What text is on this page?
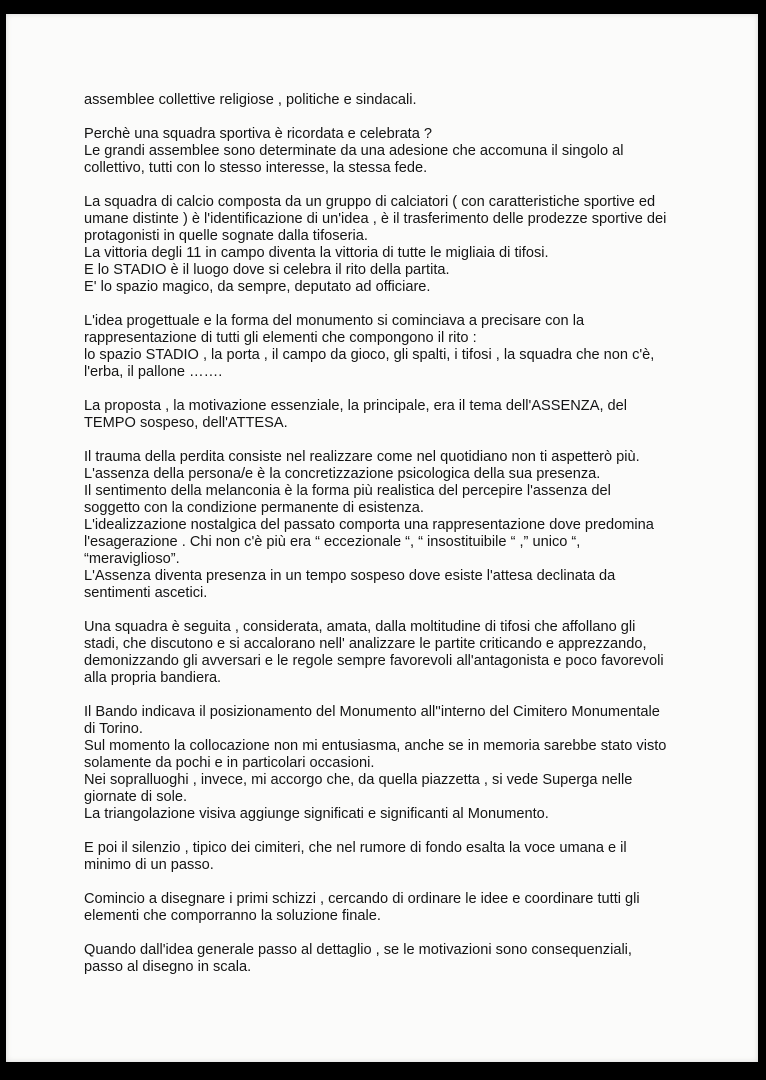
assemblee collettive religiose , politiche e sindacali.
Perchè una squadra sportiva è ricordata e celebrata ?
Le grandi assemblee sono determinate da una adesione che accomuna il singolo al
collettivo, tutti con lo stesso interesse, la stessa fede.
La squadra di calcio composta da un gruppo di calciatori ( con caratteristiche sportive ed
umane distinte ) è l'identificazione di un'idea , è il trasferimento delle prodezze sportive dei
protagonisti in quelle sognate dalla tifoseria.
La vittoria degli 11 in campo diventa la vittoria di tutte le migliaia di tifosi.
E lo STADIO è il luogo dove si celebra il rito della partita.
E' lo spazio magico, da sempre, deputato ad officiare.
L'idea progettuale e la forma del monumento si cominciava a precisare con la
rappresentazione di tutti gli elementi che compongono il rito :
lo spazio STADIO , la porta , il campo da gioco, gli spalti, i tifosi , la squadra che non c'è,
l'erba, il pallone …….
La proposta , la motivazione essenziale, la principale, era il tema dell'ASSENZA, del
TEMPO sospeso, dell'ATTESA.
Il trauma della perdita consiste nel realizzare come nel quotidiano non ti aspetterò più.
L'assenza della persona/e è la concretizzazione psicologica della sua presenza.
Il sentimento della melanconia è la forma più realistica del percepire l'assenza del
soggetto con la condizione permanente di esistenza.
L'idealizzazione nostalgica del passato comporta una rappresentazione dove predomina
l'esagerazione . Chi non c'è più era “ eccezionale “, “ insostituibile “ ,” unico “,
“meraviglioso”.
L'Assenza diventa presenza in un tempo sospeso dove esiste l'attesa declinata da
sentimenti ascetici.
Una squadra è seguita , considerata, amata, dalla moltitudine di tifosi che affollano gli
stadi, che discutono e si accalorano nell' analizzare le partite criticando e apprezzando,
demonizzando gli avversari e le regole sempre favorevoli all'antagonista e poco favorevoli
alla propria bandiera.
Il Bando indicava il posizionamento del Monumento all''interno del Cimitero Monumentale
di Torino.
Sul momento la collocazione non mi entusiasma, anche se in memoria sarebbe stato visto
solamente da pochi e in particolari occasioni.
Nei sopralluoghi , invece, mi accorgo che, da quella piazzetta , si vede Superga nelle
giornate di sole.
La triangolazione visiva aggiunge significati e significanti al Monumento.
E poi il silenzio , tipico dei cimiteri, che nel rumore di fondo esalta la voce umana e il
minimo di un passo.
Comincio a disegnare i primi schizzi , cercando di ordinare le idee e coordinare tutti gli
elementi che comporranno la soluzione finale.
Quando dall'idea generale passo al dettaglio , se le motivazioni sono consequenziali,
passo al disegno in scala.
